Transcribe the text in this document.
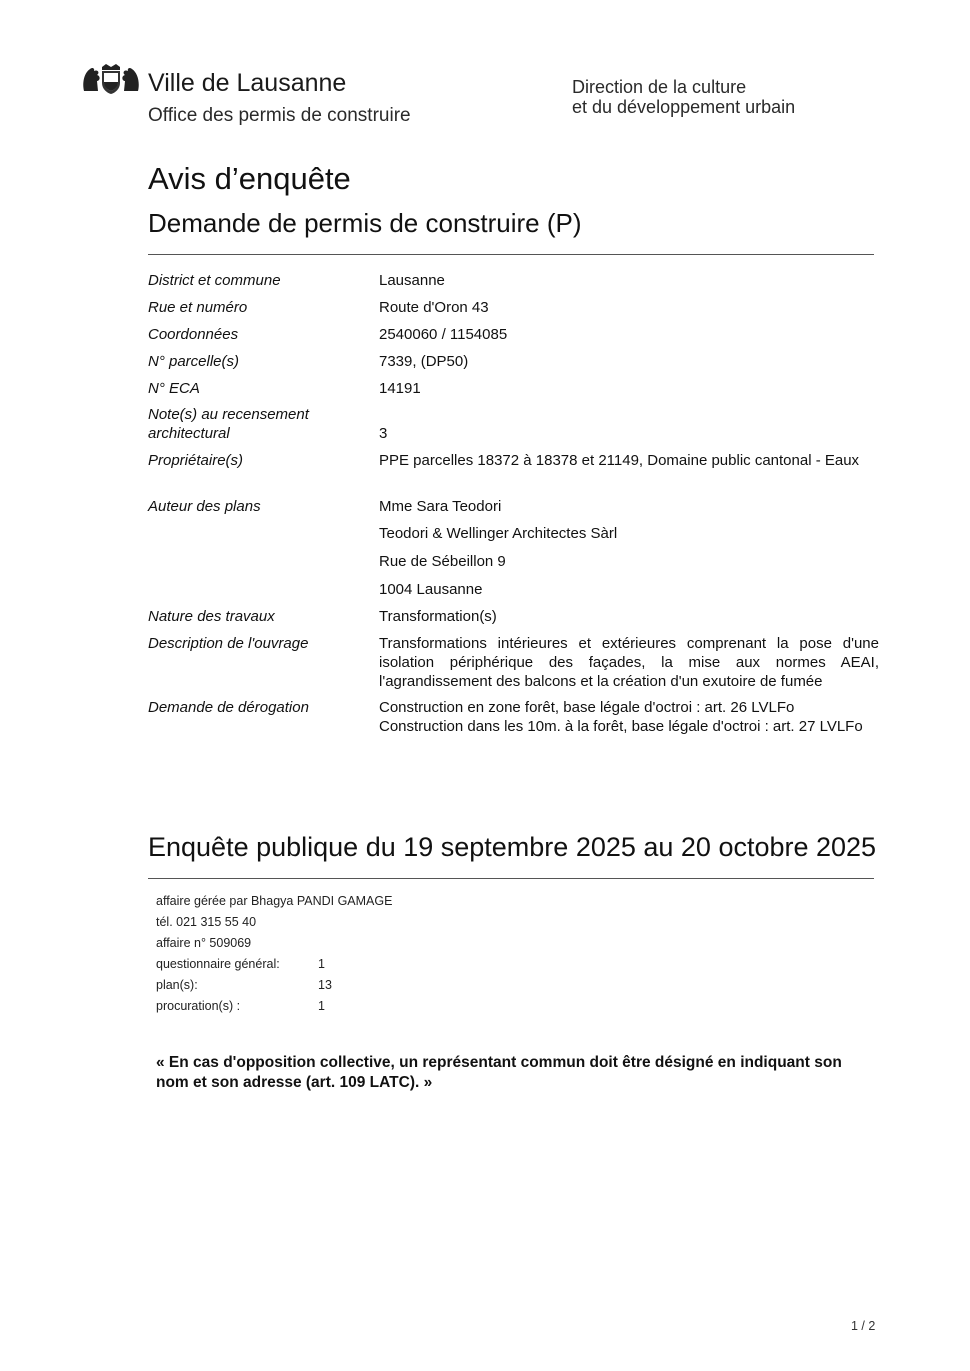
Ville de Lausanne
Office des permis de construire
Direction de la culture
et du développement urbain
Avis d’enquête
Demande de permis de construire (P)
District et commune	Lausanne
Rue et numéro	Route d'Oron 43
Coordonnées	2540060 / 1154085
N° parcelle(s)	7339, (DP50)
N° ECA	14191
Note(s) au recensement
architectural	3
Propriétaire(s)	PPE parcelles 18372 à 18378 et 21149, Domaine public cantonal - Eaux
Auteur des plans	Mme Sara Teodori
Teodori & Wellinger Architectes Sàrl
Rue de Sébeillon 9
1004 Lausanne
Nature des travaux	Transformation(s)
Description de l'ouvrage	Transformations intérieures et extérieures comprenant la pose d'une isolation périphérique des façades, la mise aux normes AEAI, l'agrandissement des balcons et la création d'un exutoire de fumée
Demande de dérogation	Construction en zone forêt, base légale d'octroi : art. 26 LVLFo
Construction dans les 10m. à la forêt, base légale d'octroi : art. 27 LVLFo
Enquête publique du 19 septembre 2025 au 20 octobre 2025
affaire gérée par Bhagya PANDI GAMAGE
tél. 021 315 55 40
affaire n° 509069
questionnaire général:	1
plan(s):	13
procuration(s) :	1
« En cas d'opposition collective, un représentant commun doit être désigné en indiquant son nom et son adresse (art. 109 LATC). »
1 / 2
